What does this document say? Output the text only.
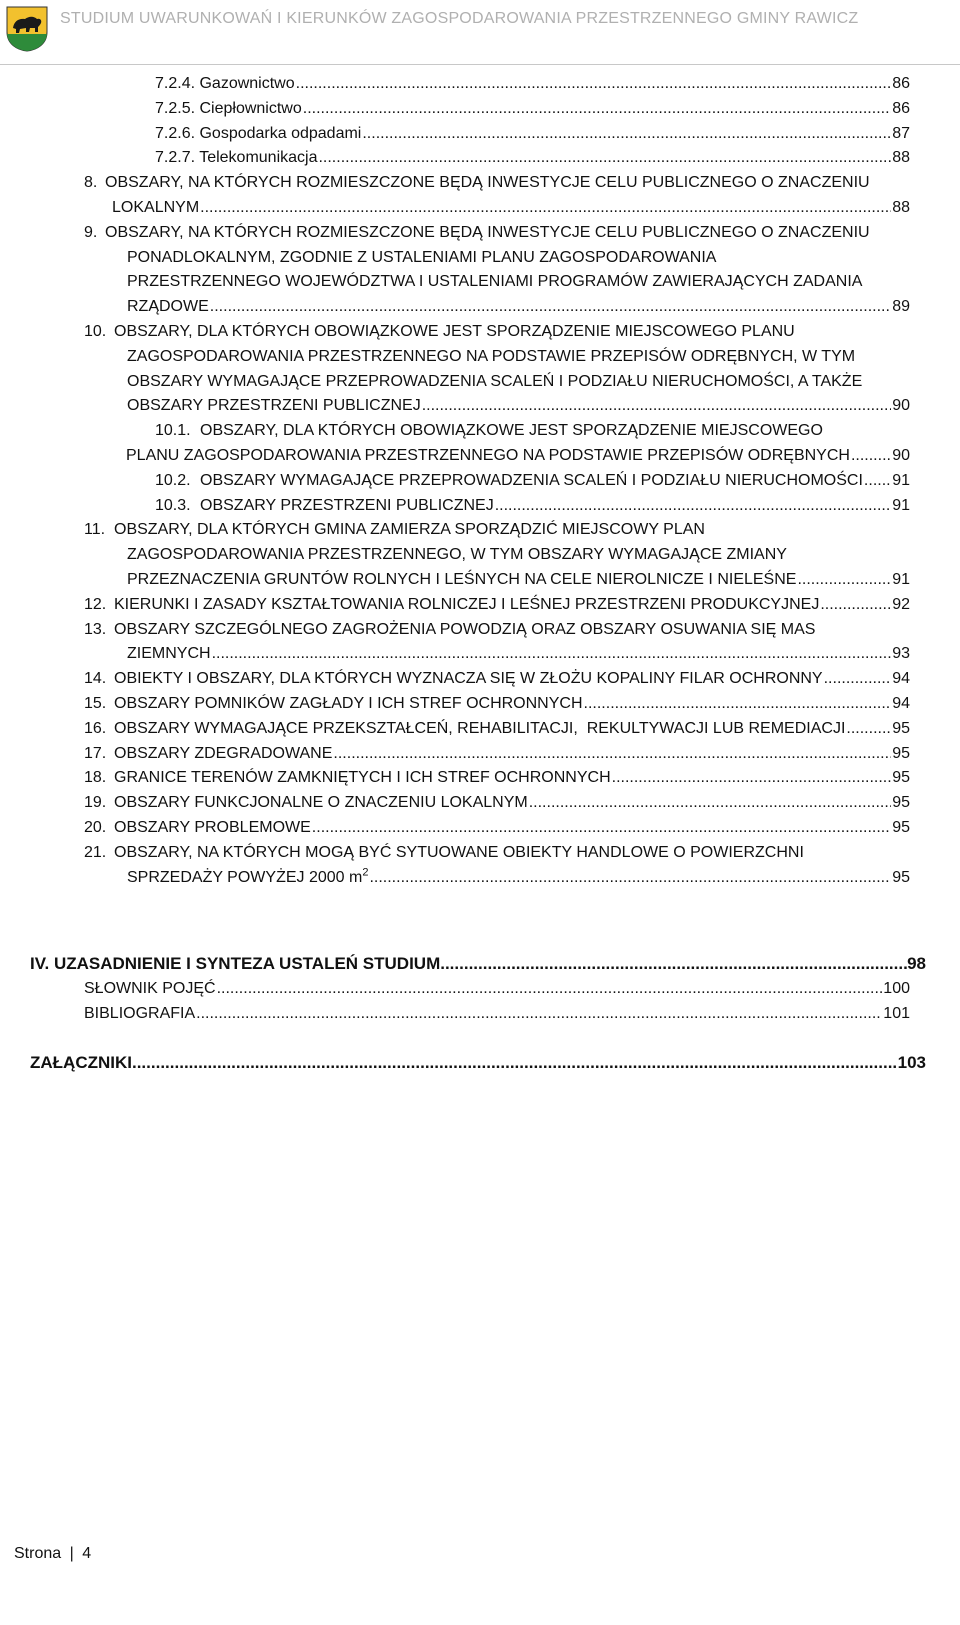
STUDIUM UWARUNKOWAŃ I KIERUNKÓW ZAGOSPODAROWANIA PRZESTRZENNEGO GMINY RAWICZ
7.2.4. Gazownictwo .....	86
7.2.5. Ciepłownictwo .....	86
7.2.6. Gospodarka odpadami .....	87
7.2.7. Telekomunikacja .....	88
8. OBSZARY, NA KTÓRYCH ROZMIESZCZONE BĘDĄ INWESTYCJE CELU PUBLICZNEGO O ZNACZENIU
LOKALNYM .....	88
9. OBSZARY, NA KTÓRYCH ROZMIESZCZONE BĘDĄ INWESTYCJE CELU PUBLICZNEGO O ZNACZENIU
PONADLOKALNYM, ZGODNIE Z USTALENIAMI PLANU ZAGOSPODAROWANIA
PRZESTRZENNEGO WOJEWÓDZTWA I USTALENIAMI PROGRAMÓW ZAWIERAJĄCYCH ZADANIA
RZĄDOWE .....	89
10. OBSZARY, DLA KTÓRYCH OBOWIĄZKOWE JEST SPORZĄDZENIE MIEJSCOWEGO PLANU
ZAGOSPODAROWANIA PRZESTRZENNEGO NA PODSTAWIE PRZEPISÓW ODRĘBNYCH, W TYM
OBSZARY WYMAGAJĄCE PRZEPROWADZENIA SCALEŃ I PODZIAŁU NIERUCHOMOŚCI, A TAKŻE
OBSZARY PRZESTRZENI PUBLICZNEJ .....	90
10.1. OBSZARY, DLA KTÓRYCH OBOWIĄZKOWE JEST SPORZĄDZENIE MIEJSCOWEGO
PLANU ZAGOSPODAROWANIA PRZESTRZENNEGO NA PODSTAWIE PRZEPISÓW ODRĘBNYCH .....	90
10.2. OBSZARY WYMAGAJĄCE PRZEPROWADZENIA SCALEŃ I PODZIAŁU NIERUCHOMOŚCI ..... 91
10.3. OBSZARY PRZESTRZENI PUBLICZNEJ .....	91
11. OBSZARY, DLA KTÓRYCH GMINA ZAMIERZA SPORZĄDZIĆ MIEJSCOWY PLAN
ZAGOSPODAROWANIA PRZESTRZENNEGO, W TYM OBSZARY WYMAGAJĄCE ZMIANY
PRZEZNACZENIA GRUNTÓW ROLNYCH I LEŚNYCH NA CELE NIEROLNICZE I NIELEŚNE .....	91
12. KIERUNKI I ZASADY KSZTAŁTOWANIA ROLNICZEJ I LEŚNEJ PRZESTRZENI PRODUKCYJNEJ .....	92
13. OBSZARY SZCZEGÓLNEGO ZAGROŻENIA POWODZIĄ ORAZ OBSZARY OSUWANIA SIĘ MAS
ZIEMNYCH .....	93
14. OBIEKTY I OBSZARY, DLA KTÓRYCH WYZNACZA SIĘ W ZŁOŻU KOPALINY FILAR OCHRONNY .....	94
15. OBSZARY POMNIKÓW ZAGŁADY I ICH STREF OCHRONNYCH .....	94
16. OBSZARY WYMAGAJĄCE PRZEKSZTAŁCEŃ, REHABILITACJI,  REKULTYWACJI LUB REMEDIACJI .....	95
17. OBSZARY ZDEGRADOWANE .....	95
18. GRANICE TERENÓW ZAMKNIĘTYCH I ICH STREF OCHRONNYCH .....	95
19. OBSZARY FUNKCJONALNE O ZNACZENIU LOKALNYM .....	95
20. OBSZARY PROBLEMOWE .....	95
21. OBSZARY, NA KTÓRYCH MOGĄ BYĆ SYTUOWANE OBIEKTY HANDLOWE O POWIERZCHNI
SPRZEDAŻY POWYŻEJ 2000 $m^2$ .....	95
IV. UZASADNIENIE I SYNTEZA USTALEŃ STUDIUM .....	98
SŁOWNIK POJĘĆ .....	100
BIBLIOGRAFIA .....	101
ZAŁĄCZNIKI .....	103
Strona | 4
